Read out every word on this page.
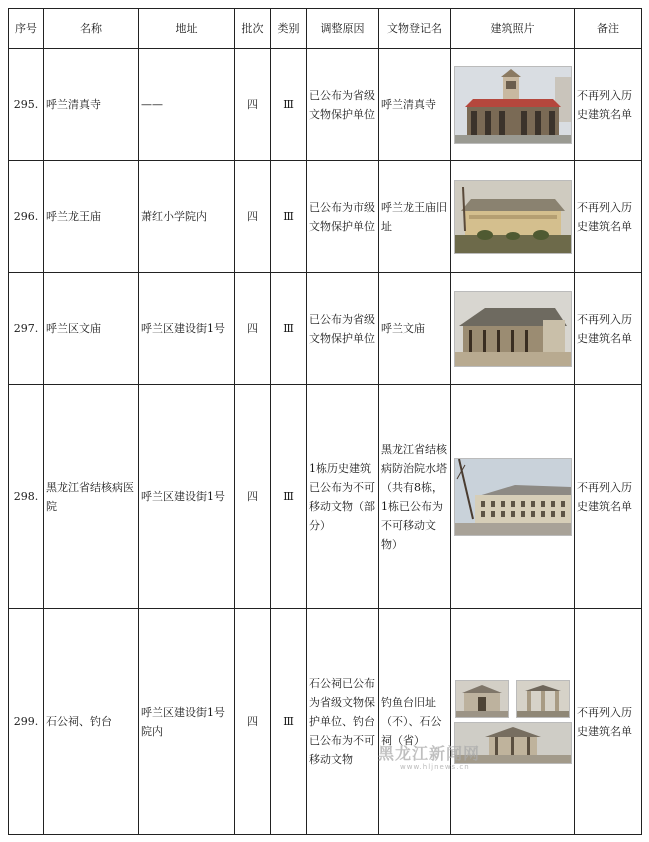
序号	名称	地址	批次	类别	调整原因	文物登记名	建筑照片	备注
295.	呼兰清真寺	——	四	Ⅲ	已公布为省级文物保护单位	呼兰清真寺		不再列入历史建筑名单
296.	呼兰龙王庙	萧红小学院内	四	Ⅲ	已公布为市级文物保护单位	呼兰龙王庙旧址		不再列入历史建筑名单
297.	呼兰区文庙	呼兰区建设街1号	四	Ⅲ	已公布为省级文物保护单位	呼兰文庙		不再列入历史建筑名单
298.	黑龙江省结核病医院	呼兰区建设街1号	四	Ⅲ	1栋历史建筑已公布为不可移动文物（部分）	黑龙江省结核病防治院水塔（共有8栋，1栋已公布为不可移动文物）		不再列入历史建筑名单
299.	石公祠、钓台	呼兰区建设街1号院内	四	Ⅲ	石公祠已公布为省级文物保护单位、钓台已公布为不可移动文物	钓鱼台旧址（不）、石公祠（省）		不再列入历史建筑名单
黑龙江新闻网
www.hljnews.cn
